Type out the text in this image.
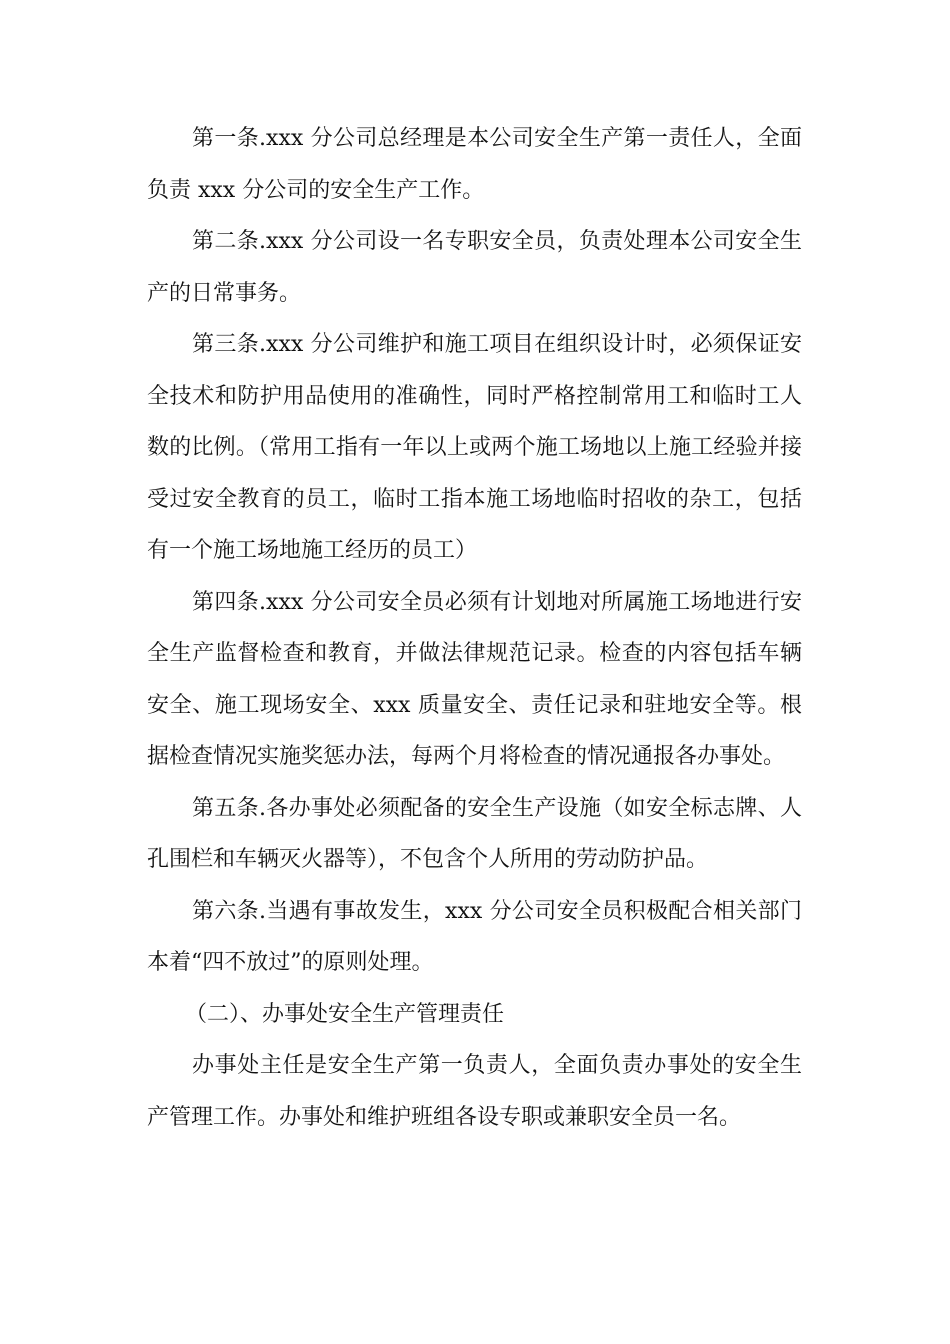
第一条.xxx 分公司总经理是本公司安全生产第一责任人，全面负责 xxx 分公司的安全生产工作。

第二条.xxx 分公司设一名专职安全员，负责处理本公司安全生产的日常事务。

第三条.xxx 分公司维护和施工项目在组织设计时，必须保证安全技术和防护用品使用的准确性，同时严格控制常用工和临时工人数的比例。（常用工指有一年以上或两个施工场地以上施工经验并接受过安全教育的员工，临时工指本施工场地临时招收的杂工，包括有一个施工场地施工经历的员工）

第四条.xxx 分公司安全员必须有计划地对所属施工场地进行安全生产监督检查和教育，并做法律规范记录。检查的内容包括车辆安全、施工现场安全、xxx 质量安全、责任记录和驻地安全等。根据检查情况实施奖惩办法，每两个月将检查的情况通报各办事处。

第五条.各办事处必须配备的安全生产设施（如安全标志牌、人孔围栏和车辆灭火器等），不包含个人所用的劳动防护品。

第六条.当遇有事故发生，xxx 分公司安全员积极配合相关部门本着“四不放过”的原则处理。

（二）、办事处安全生产管理责任

办事处主任是安全生产第一负责人，全面负责办事处的安全生产管理工作。办事处和维护班组各设专职或兼职安全员一名。
